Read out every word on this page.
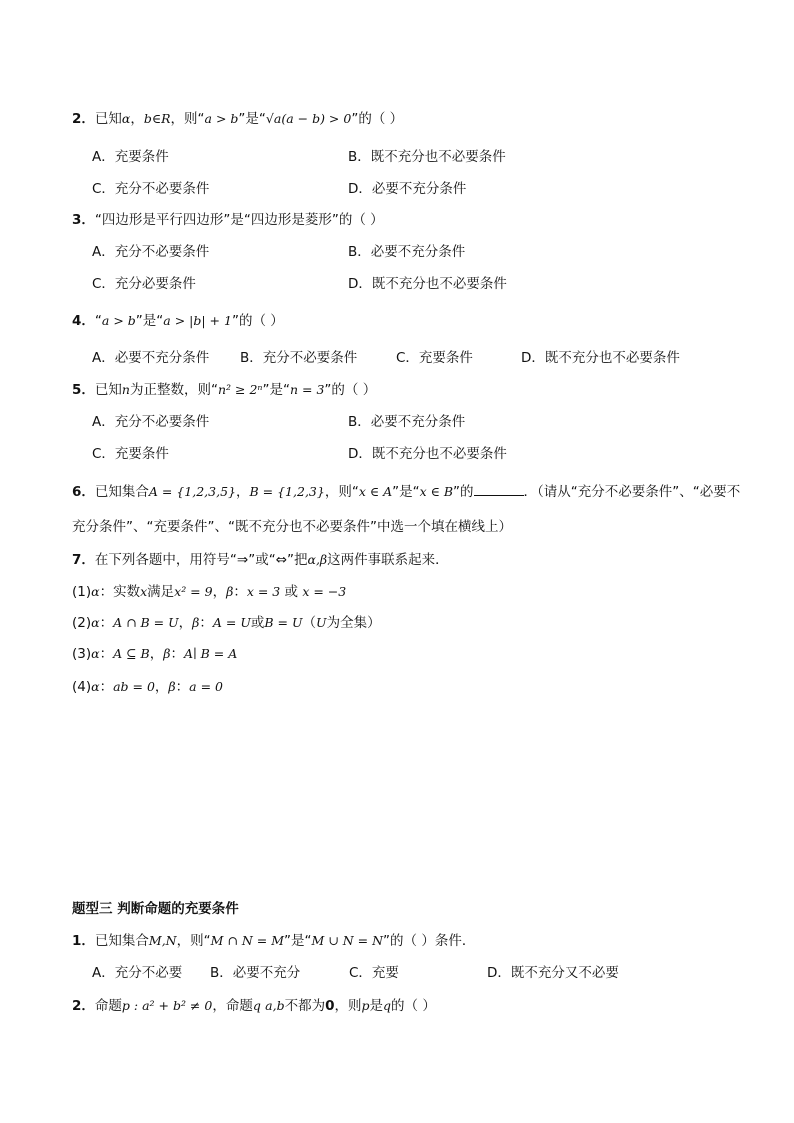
2．已知α，b∈R，则“a > b”是“√a(a − b) > 0”的（ ）
A．充要条件	B．既不充分也不必要条件
C．充分不必要条件	D．必要不充分条件
3．“四边形是平行四边形”是“四边形是菱形”的（ ）
A．充分不必要条件	B．必要不充分条件
C．充分必要条件	D．既不充分也不必要条件
4．“a > b”是“a > |b| + 1”的（ ）
A．必要不充分条件 B．充分不必要条件	C．充要条件	D．既不充分也不必要条件
5．已知n为正整数，则“n² ≥ 2ⁿ”是“n = 3”的（ ）
A．充分不必要条件	B．必要不充分条件
C．充要条件	D．既不充分也不必要条件
6．已知集合A = {1,2,3,5}，B = {1,2,3}，则“x ∈ A”是“x ∈ B”的	．（请从“充分不必要条件”、“必要不
充分条件”、“充要条件”、“既不充分也不必要条件”中选一个填在横线上）
7．在下列各题中，用符号“⇒”或“⇔”把α,β这两件事联系起来．
(1)α：实数x满足x² = 9，β：x = 3 或 x = −3
(2)α：A ∩ B = U，β：A = U或B = U（U为全集）
(3)α：A ⊆ B，β：A∣ B = A
(4)α：ab = 0，β：a = 0
题型三 判断命题的充要条件
1．已知集合M,N，则“M ∩ N = M”是“M ∪ N = N”的（ ）条件．
A．充分不必要 B．必要不充分	C．充要	D．既不充分又不必要
2．命题p : a² + b² ≠ 0，命题q a,b不都为0，则p是q的（ ）
